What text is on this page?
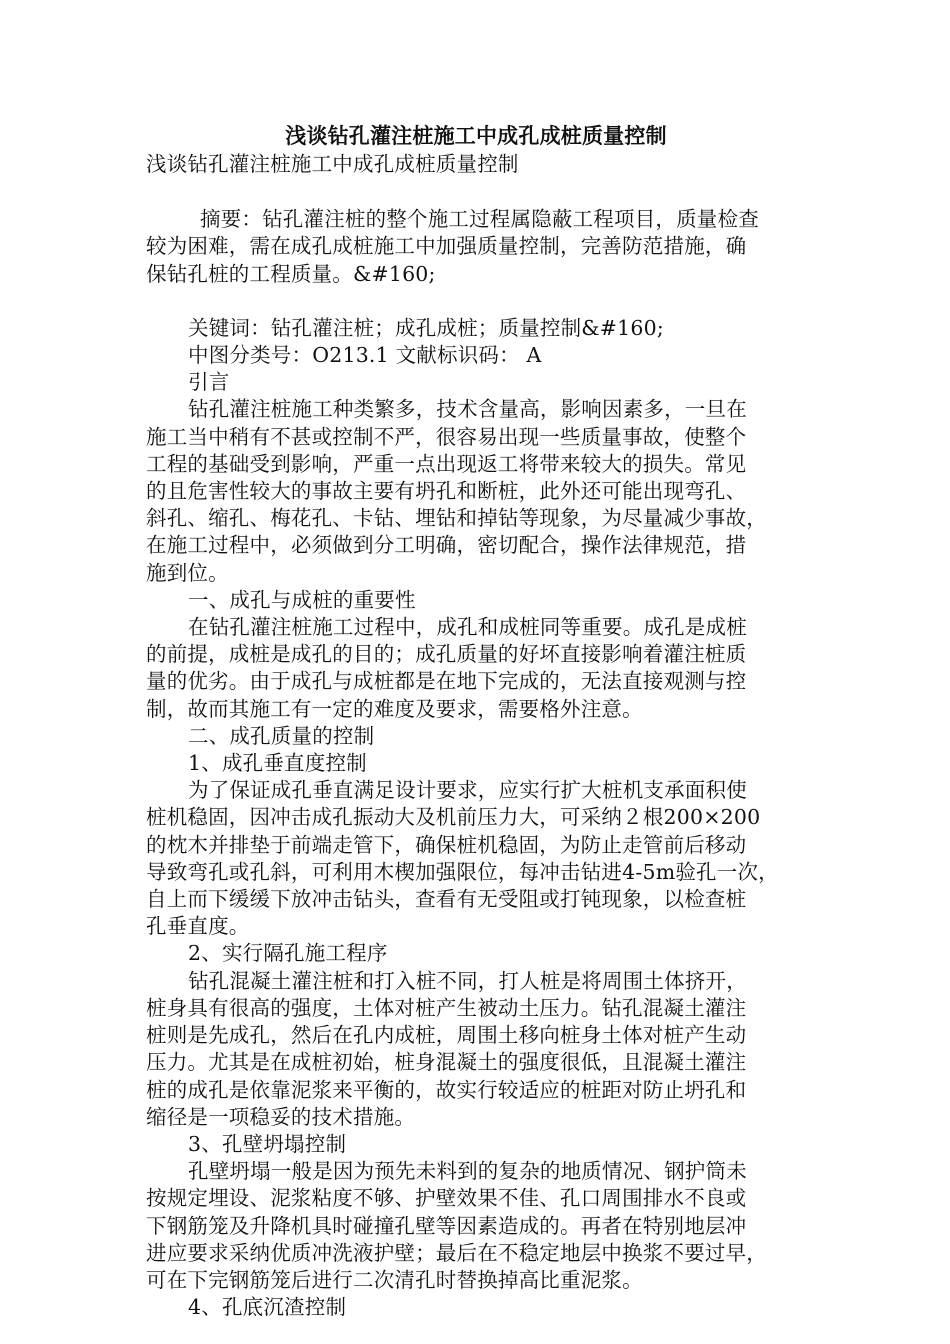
浅谈钻孔灌注桩施工中成孔成桩质量控制

浅谈钻孔灌注桩施工中成孔成桩质量控制

摘要：钻孔灌注桩的整个施工过程属隐蔽工程项目，质量检查
较为困难，需在成孔成桩施工中加强质量控制，完善防范措施，确
保钻孔桩的工程质量。&#160;

关键词：钻孔灌注桩；成孔成桩；质量控制&#160;

中图分类号：O213.1 文献标识码： A

引言

钻孔灌注桩施工种类繁多，技术含量高，影响因素多，一旦在
施工当中稍有不甚或控制不严，很容易出现一些质量事故，使整个
工程的基础受到影响，严重一点出现返工将带来较大的损失。常见
的且危害性较大的事故主要有坍孔和断桩，此外还可能出现弯孔、
斜孔、缩孔、梅花孔、卡钻、埋钻和掉钻等现象，为尽量减少事故，
在施工过程中，必须做到分工明确，密切配合，操作法律规范，措
施到位。

一、成孔与成桩的重要性

在钻孔灌注桩施工过程中，成孔和成桩同等重要。成孔是成桩
的前提，成桩是成孔的目的；成孔质量的好坏直接影响着灌注桩质
量的优劣。由于成孔与成桩都是在地下完成的，无法直接观测与控
制，故而其施工有一定的难度及要求，需要格外注意。

二、成孔质量的控制

1、成孔垂直度控制

为了保证成孔垂直满足设计要求，应实行扩大桩机支承面积使
桩机稳固，因冲击成孔振动大及机前压力大，可采纳２根200×200
的枕木并排垫于前端走管下，确保桩机稳固，为防止走管前后移动
导致弯孔或孔斜，可利用木楔加强限位，每冲击钻进4-5m验孔一次，
自上而下缓缓下放冲击钻头，查看有无受阻或打钝现象，以检查桩
孔垂直度。

2、实行隔孔施工程序

钻孔混凝土灌注桩和打入桩不同，打人桩是将周围土体挤开，
桩身具有很高的强度，土体对桩产生被动土压力。钻孔混凝土灌注
桩则是先成孔，然后在孔内成桩，周围土移向桩身土体对桩产生动
压力。尤其是在成桩初始，桩身混凝土的强度很低，且混凝土灌注
桩的成孔是依靠泥浆来平衡的，故实行较适应的桩距对防止坍孔和
缩径是一项稳妥的技术措施。

3、孔壁坍塌控制

孔壁坍塌一般是因为预先未料到的复杂的地质情况、钢护筒未
按规定埋设、泥浆粘度不够、护壁效果不佳、孔口周围排水不良或
下钢筋笼及升降机具时碰撞孔壁等因素造成的。再者在特别地层冲
进应要求采纳优质冲洗液护壁；最后在不稳定地层中换浆不要过早，
可在下完钢筋笼后进行二次清孔时替换掉高比重泥浆。

4、孔底沉渣控制
